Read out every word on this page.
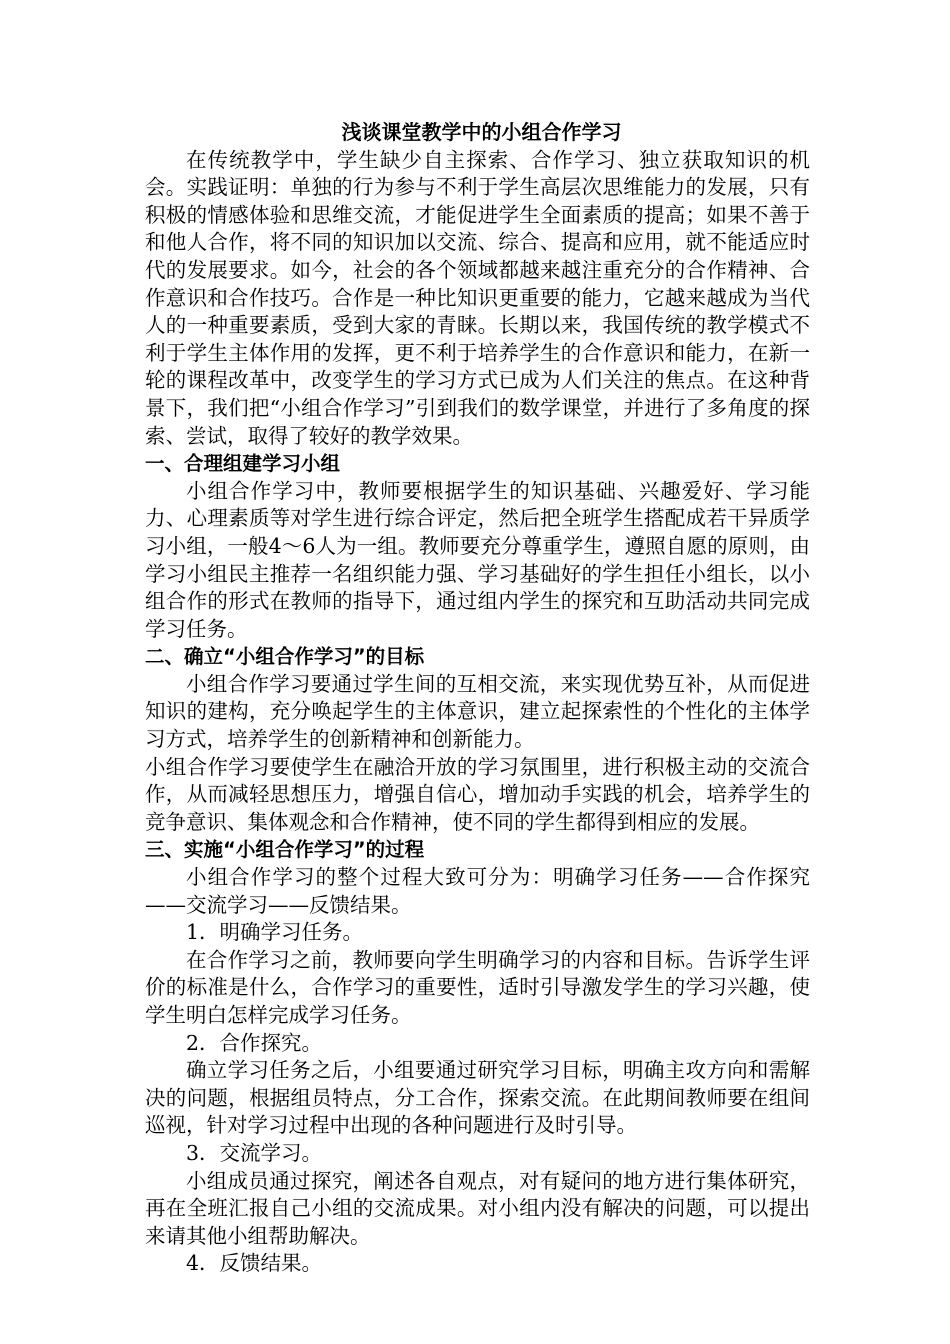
浅谈课堂教学中的小组合作学习

在传统教学中，学生缺少自主探索、合作学习、独立获取知识的机会。实践证明：单独的行为参与不利于学生高层次思维能力的发展，只有积极的情感体验和思维交流，才能促进学生全面素质的提高；如果不善于和他人合作，将不同的知识加以交流、综合、提高和应用，就不能适应时代的发展要求。如今，社会的各个领域都越来越注重充分的合作精神、合作意识和合作技巧。合作是一种比知识更重要的能力，它越来越成为当代人的一种重要素质，受到大家的青睐。长期以来，我国传统的教学模式不利于学生主体作用的发挥，更不利于培养学生的合作意识和能力，在新一轮的课程改革中，改变学生的学习方式已成为人们关注的焦点。在这种背景下，我们把“小组合作学习”引到我们的数学课堂，并进行了多角度的探索、尝试，取得了较好的教学效果。

一、合理组建学习小组

小组合作学习中，教师要根据学生的知识基础、兴趣爱好、学习能力、心理素质等对学生进行综合评定，然后把全班学生搭配成若干异质学习小组，一般4～6人为一组。教师要充分尊重学生，遵照自愿的原则，由学习小组民主推荐一名组织能力强、学习基础好的学生担任小组长，以小组合作的形式在教师的指导下，通过组内学生的探究和互助活动共同完成学习任务。

二、确立“小组合作学习”的目标

小组合作学习要通过学生间的互相交流，来实现优势互补，从而促进知识的建构，充分唤起学生的主体意识，建立起探索性的个性化的主体学习方式，培养学生的创新精神和创新能力。

小组合作学习要使学生在融洽开放的学习氛围里，进行积极主动的交流合作，从而减轻思想压力，增强自信心，增加动手实践的机会，培养学生的竞争意识、集体观念和合作精神，使不同的学生都得到相应的发展。

三、实施“小组合作学习”的过程

小组合作学习的整个过程大致可分为：明确学习任务——合作探究——交流学习——反馈结果。

1．明确学习任务。

在合作学习之前，教师要向学生明确学习的内容和目标。告诉学生评价的标准是什么，合作学习的重要性，适时引导激发学生的学习兴趣，使学生明白怎样完成学习任务。

2．合作探究。

确立学习任务之后，小组要通过研究学习目标，明确主攻方向和需解决的问题，根据组员特点，分工合作，探索交流。在此期间教师要在组间巡视，针对学习过程中出现的各种问题进行及时引导。

3．交流学习。

小组成员通过探究，阐述各自观点，对有疑问的地方进行集体研究，再在全班汇报自己小组的交流成果。对小组内没有解决的问题，可以提出来请其他小组帮助解决。

4．反馈结果。
